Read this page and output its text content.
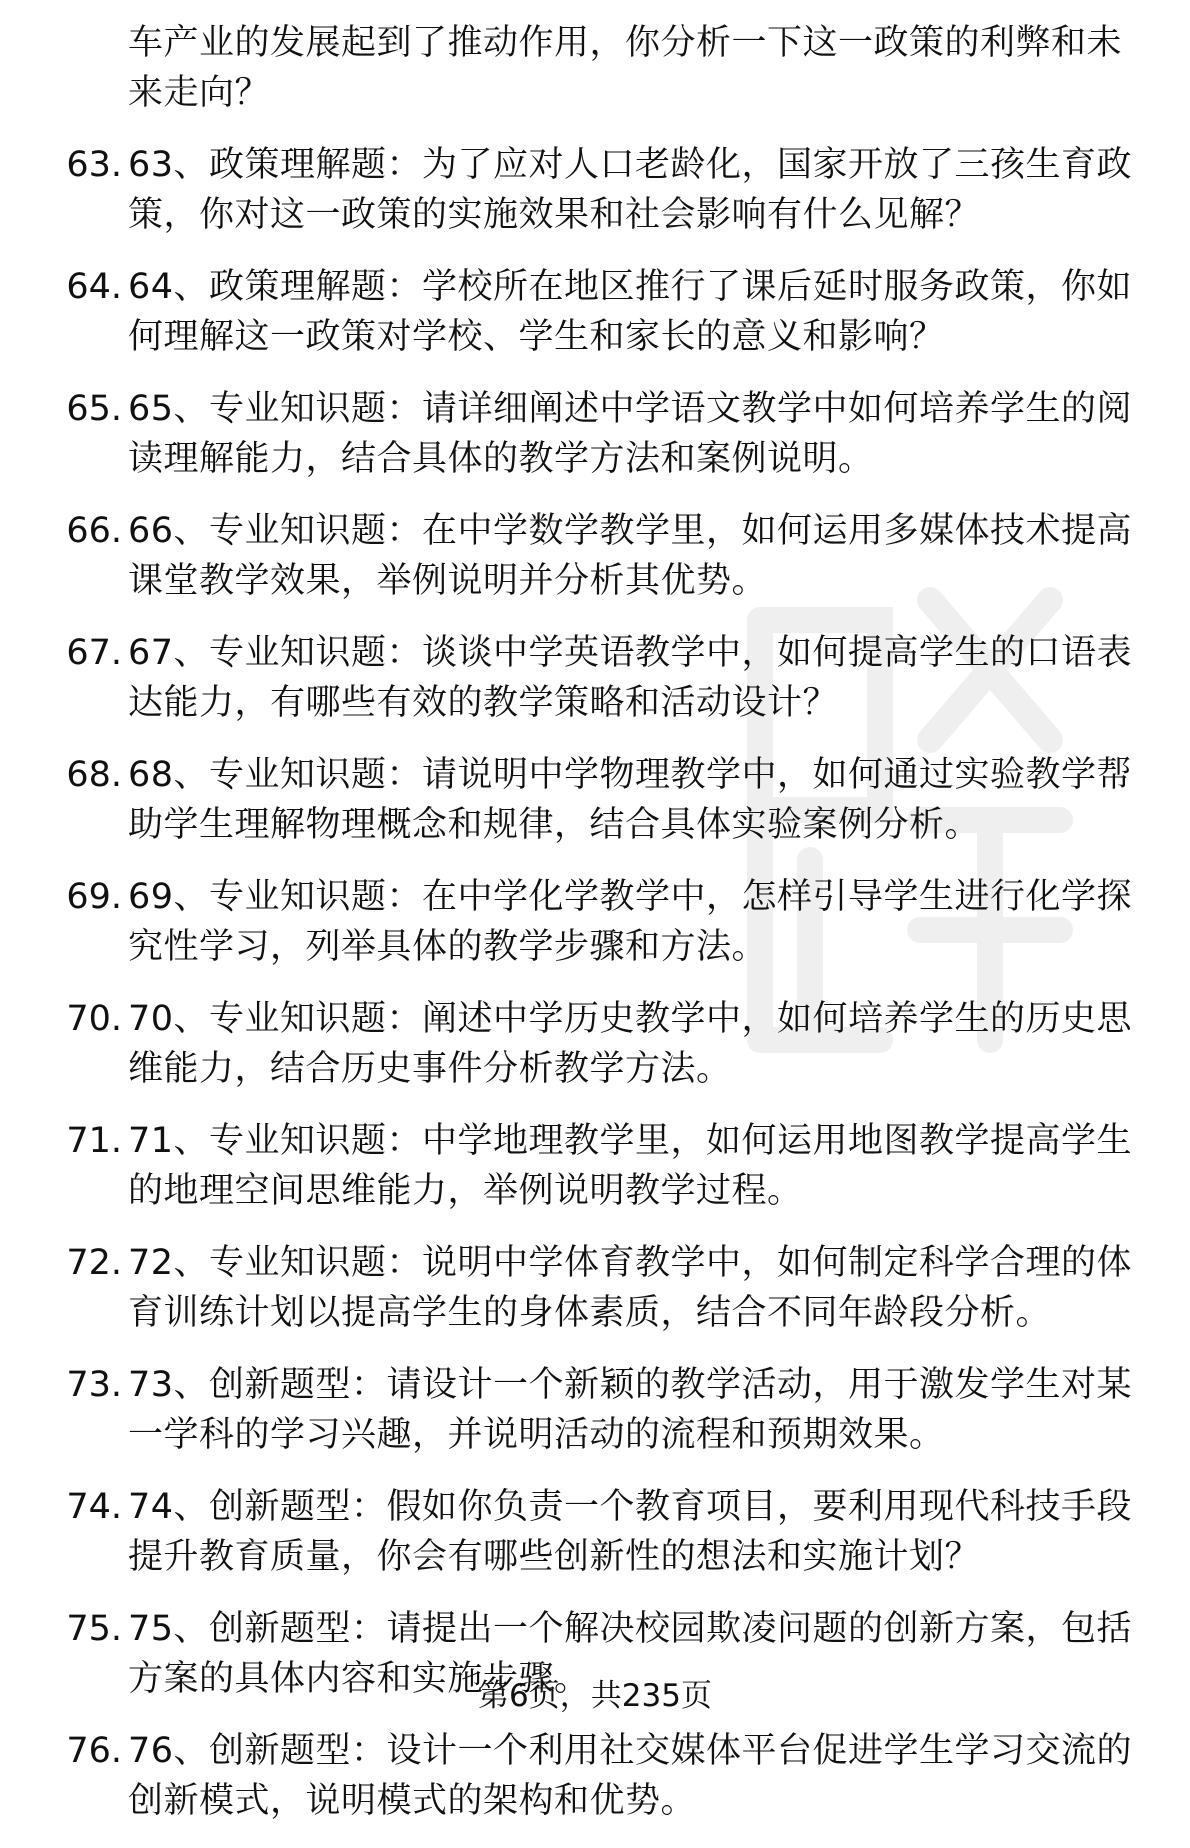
车产业的发展起到了推动作用，你分析一下这一政策的利弊和未来走向？
63. 63、政策理解题：为了应对人口老龄化，国家开放了三孩生育政策，你对这一政策的实施效果和社会影响有什么见解？
64. 64、政策理解题：学校所在地区推行了课后延时服务政策，你如何理解这一政策对学校、学生和家长的意义和影响？
65. 65、专业知识题：请详细阐述中学语文教学中如何培养学生的阅读理解能力，结合具体的教学方法和案例说明。
66. 66、专业知识题：在中学数学教学里，如何运用多媒体技术提高课堂教学效果，举例说明并分析其优势。
67. 67、专业知识题：谈谈中学英语教学中，如何提高学生的口语表达能力，有哪些有效的教学策略和活动设计？
68. 68、专业知识题：请说明中学物理教学中，如何通过实验教学帮助学生理解物理概念和规律，结合具体实验案例分析。
69. 69、专业知识题：在中学化学教学中，怎样引导学生进行化学探究性学习，列举具体的教学步骤和方法。
70. 70、专业知识题：阐述中学历史教学中，如何培养学生的历史思维能力，结合历史事件分析教学方法。
71. 71、专业知识题：中学地理教学里，如何运用地图教学提高学生的地理空间思维能力，举例说明教学过程。
72. 72、专业知识题：说明中学体育教学中，如何制定科学合理的体育训练计划以提高学生的身体素质，结合不同年龄段分析。
73. 73、创新题型：请设计一个新颖的教学活动，用于激发学生对某一学科的学习兴趣，并说明活动的流程和预期效果。
74. 74、创新题型：假如你负责一个教育项目，要利用现代科技手段提升教育质量，你会有哪些创新性的想法和实施计划？
75. 75、创新题型：请提出一个解决校园欺凌问题的创新方案，包括方案的具体内容和实施步骤。
76. 76、创新题型：设计一个利用社交媒体平台促进学生学习交流的创新模式，说明模式的架构和优势。
第6页，共235页
